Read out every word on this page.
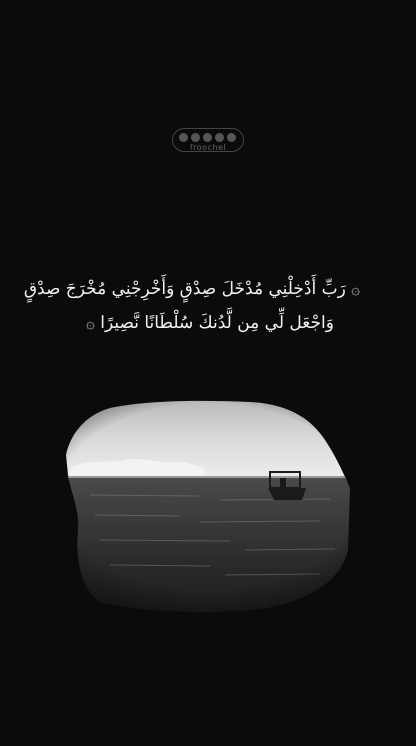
froochel
۞ رَبِّ أَدْخِلْنِي مُدْخَلَ صِدْقٍ وَأَخْرِجْنِي مُخْرَجَ صِدْقٍ
وَاجْعَل لِّي مِن لَّدُنكَ سُلْطَانًا نَّصِيرًا ۞
